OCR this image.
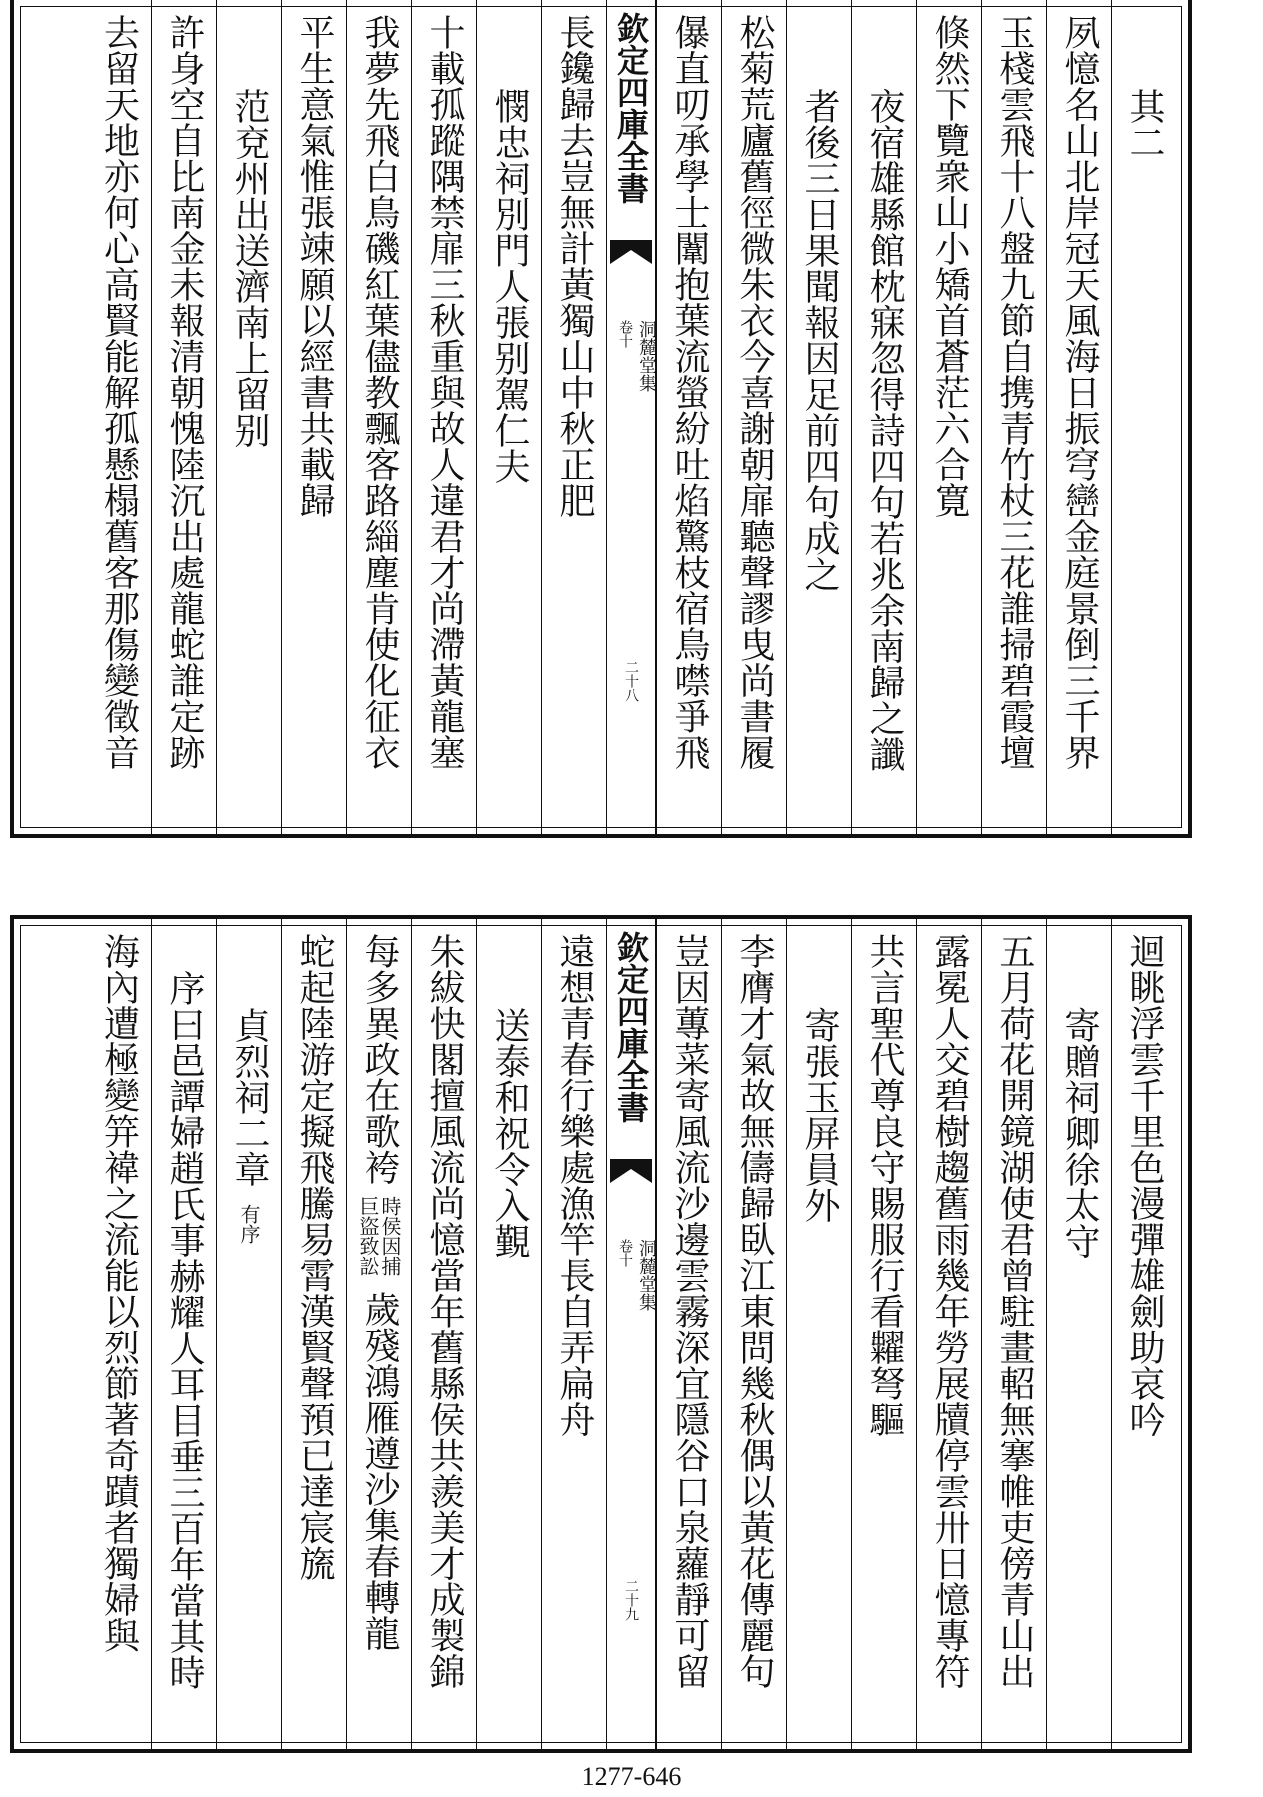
其二
夙憶名山北岸冠天風海日振穹巒金庭景倒三千界
玉棧雲飛十八盤九節自携青竹杖三花誰掃碧霞壇
倏然下覽衆山小矯首蒼茫六合寛
夜宿雄縣館枕寐忽得詩四句若兆余南歸之讖
者後三日果聞報因足前四句成之
松菊荒廬舊徑微朱衣今喜謝朝扉聽聲謬曳尚書履
儤直叨承學士闈抱葉流螢紛吐焰驚枝宿鳥噤爭飛
欽定四庫全書
洞麓堂集
卷十
二十八
長鑱歸去豈無計黃獨山中秋正肥
憫忠祠別門人張别駕仁夫
十載孤蹤隅禁扉三秋重與故人違君才尚滯黃龍塞
我夢先飛白鳥磯紅葉儘教飄客路緇塵肯使化征衣
平生意氣惟張竦願以經書共載歸
范兗州出送濟南上留别
許身空自比南金未報清朝愧陸沉出處龍蛇誰定跡
去留天地亦何心高賢能解孤懸榻舊客那傷變徵音
迴眺浮雲千里色漫彈雄劍助哀吟
寄贈祠卿徐太守
五月荷花開鏡湖使君曾駐畫軺無搴帷吏傍青山出
露冕人交碧樹趨舊雨幾年勞展牘停雲卅日憶專符
共言聖代尊良守賜服行看糶弩驅
寄張玉屏員外
李膺才氣故無儔歸臥江東問幾秋偶以黃花傳麗句
豈因蓴菜寄風流沙邊雲霧深宜隱谷口泉蘿靜可留
欽定四庫全書
洞麓堂集
卷十
二十九
遠想青春行樂處漁竿長自弄扁舟
送泰和祝令入覲
朱紱快閣擅風流尚憶當年舊縣侯共羨美才成製錦
每多異政在歌袴
時侯因捕
巨盜致訟
歲殘鴻雁遵沙集春轉龍
蛇起陸游定擬飛騰易霄漢賢聲預已達宸旒
貞烈祠二章
有序
序曰邑譚婦趙氏事赫耀人耳目垂三百年當其時
海內遭極變笄褘之流能以烈節著奇蹟者獨婦與
1277-646
